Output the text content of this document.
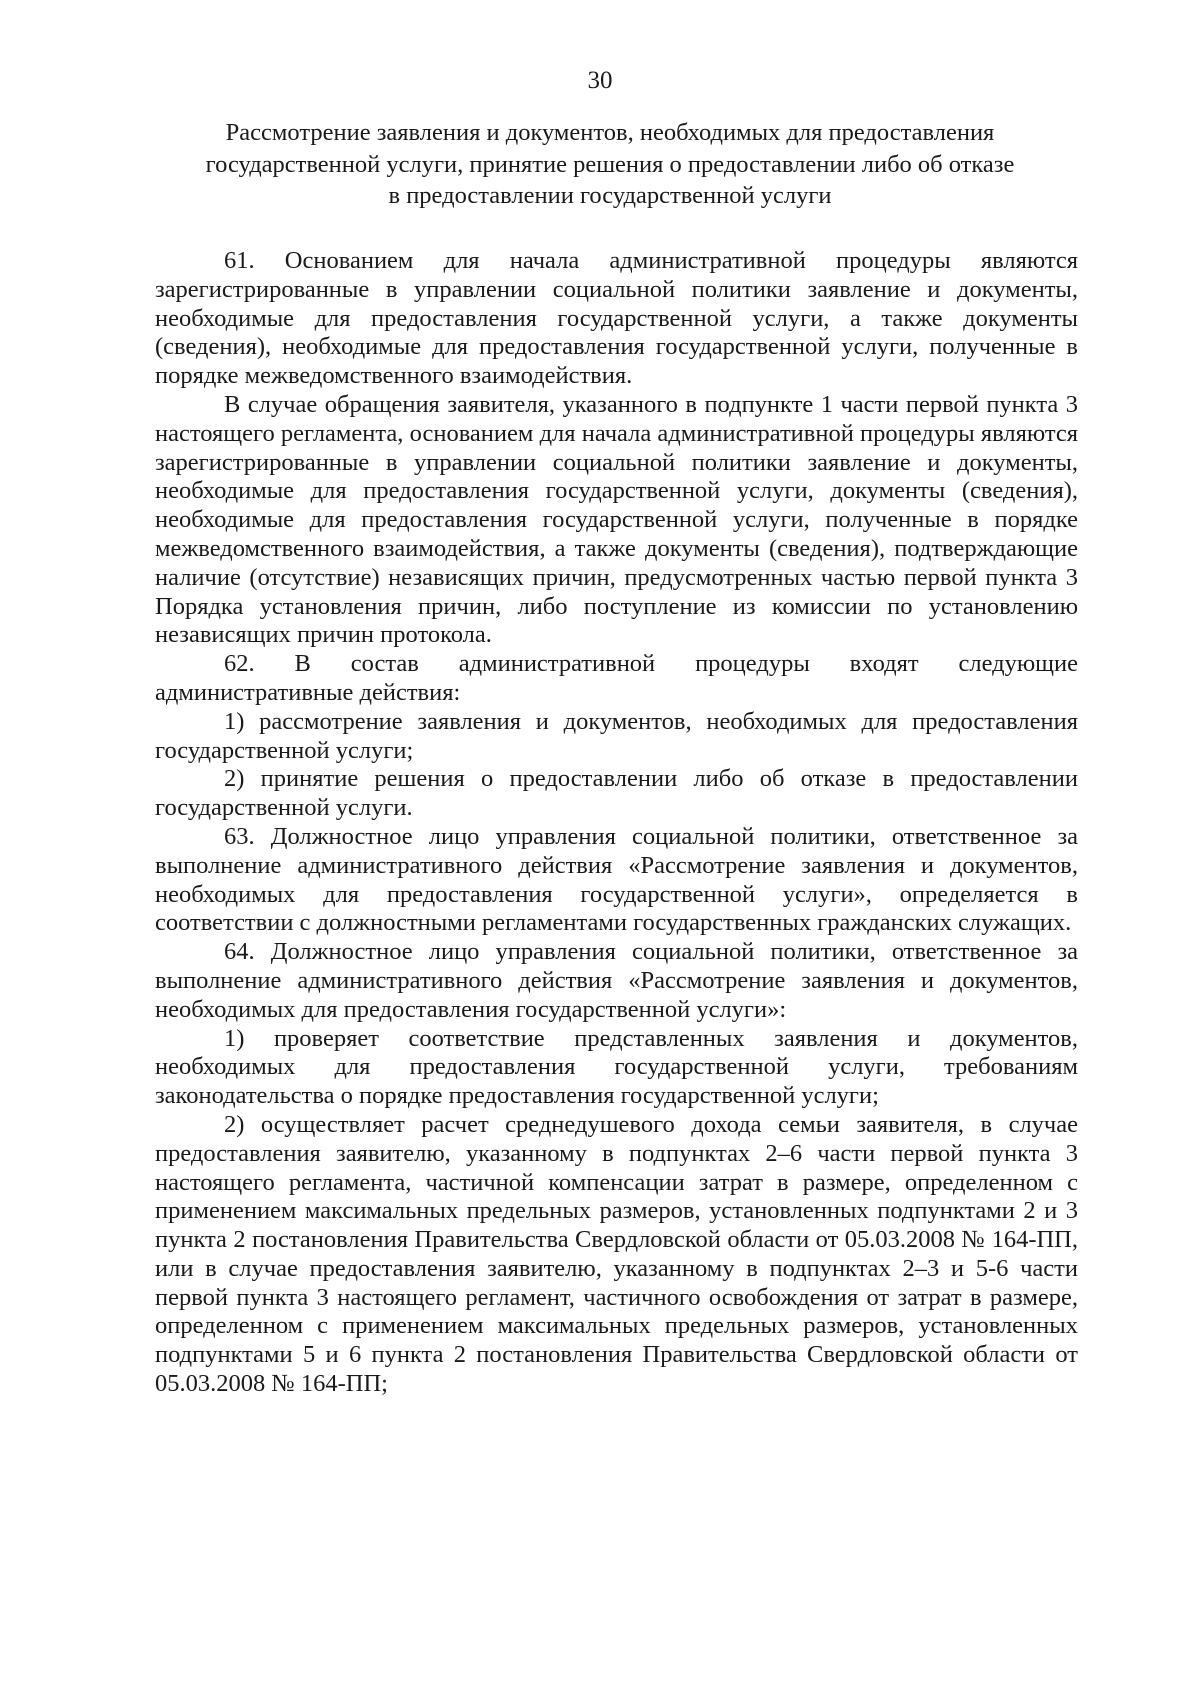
30
Рассмотрение заявления и документов, необходимых для предоставления
государственной услуги, принятие решения о предоставлении либо об отказе
в предоставлении государственной услуги

61. Основанием для начала административной процедуры являются зарегистрированные в управлении социальной политики заявление и документы, необходимые для предоставления государственной услуги, а также документы (сведения), необходимые для предоставления государственной услуги, полученные в порядке межведомственного взаимодействия.

В случае обращения заявителя, указанного в подпункте 1 части первой пункта 3 настоящего регламента, основанием для начала административной процедуры являются зарегистрированные в управлении социальной политики заявление и документы, необходимые для предоставления государственной услуги, документы (сведения), необходимые для предоставления государственной услуги, полученные в порядке межведомственного взаимодействия, а также документы (сведения), подтверждающие наличие (отсутствие) независящих причин, предусмотренных частью первой пункта 3 Порядка установления причин, либо поступление из комиссии по установлению независящих причин протокола.

62. В состав административной процедуры входят следующие административные действия:

1) рассмотрение заявления и документов, необходимых для предоставления государственной услуги;

2) принятие решения о предоставлении либо об отказе в предоставлении государственной услуги.

63. Должностное лицо управления социальной политики, ответственное за выполнение административного действия «Рассмотрение заявления и документов, необходимых для предоставления государственной услуги», определяется в соответствии с должностными регламентами государственных гражданских служащих.

64. Должностное лицо управления социальной политики, ответственное за выполнение административного действия «Рассмотрение заявления и документов, необходимых для предоставления государственной услуги»:

1) проверяет соответствие представленных заявления и документов, необходимых для предоставления государственной услуги, требованиям законодательства о порядке предоставления государственной услуги;

2) осуществляет расчет среднедушевого дохода семьи заявителя, в случае предоставления заявителю, указанному в подпунктах 2–6 части первой пункта 3 настоящего регламента, частичной компенсации затрат в размере, определенном с применением максимальных предельных размеров, установленных подпунктами 2 и 3 пункта 2 постановления Правительства Свердловской области от 05.03.2008 № 164-ПП, или в случае предоставления заявителю, указанному в подпунктах 2–3 и 5-6 части первой пункта 3 настоящего регламент, частичного освобождения от затрат в размере, определенном с применением максимальных предельных размеров, установленных подпунктами 5 и 6 пункта 2 постановления Правительства Свердловской области от 05.03.2008 № 164-ПП;
